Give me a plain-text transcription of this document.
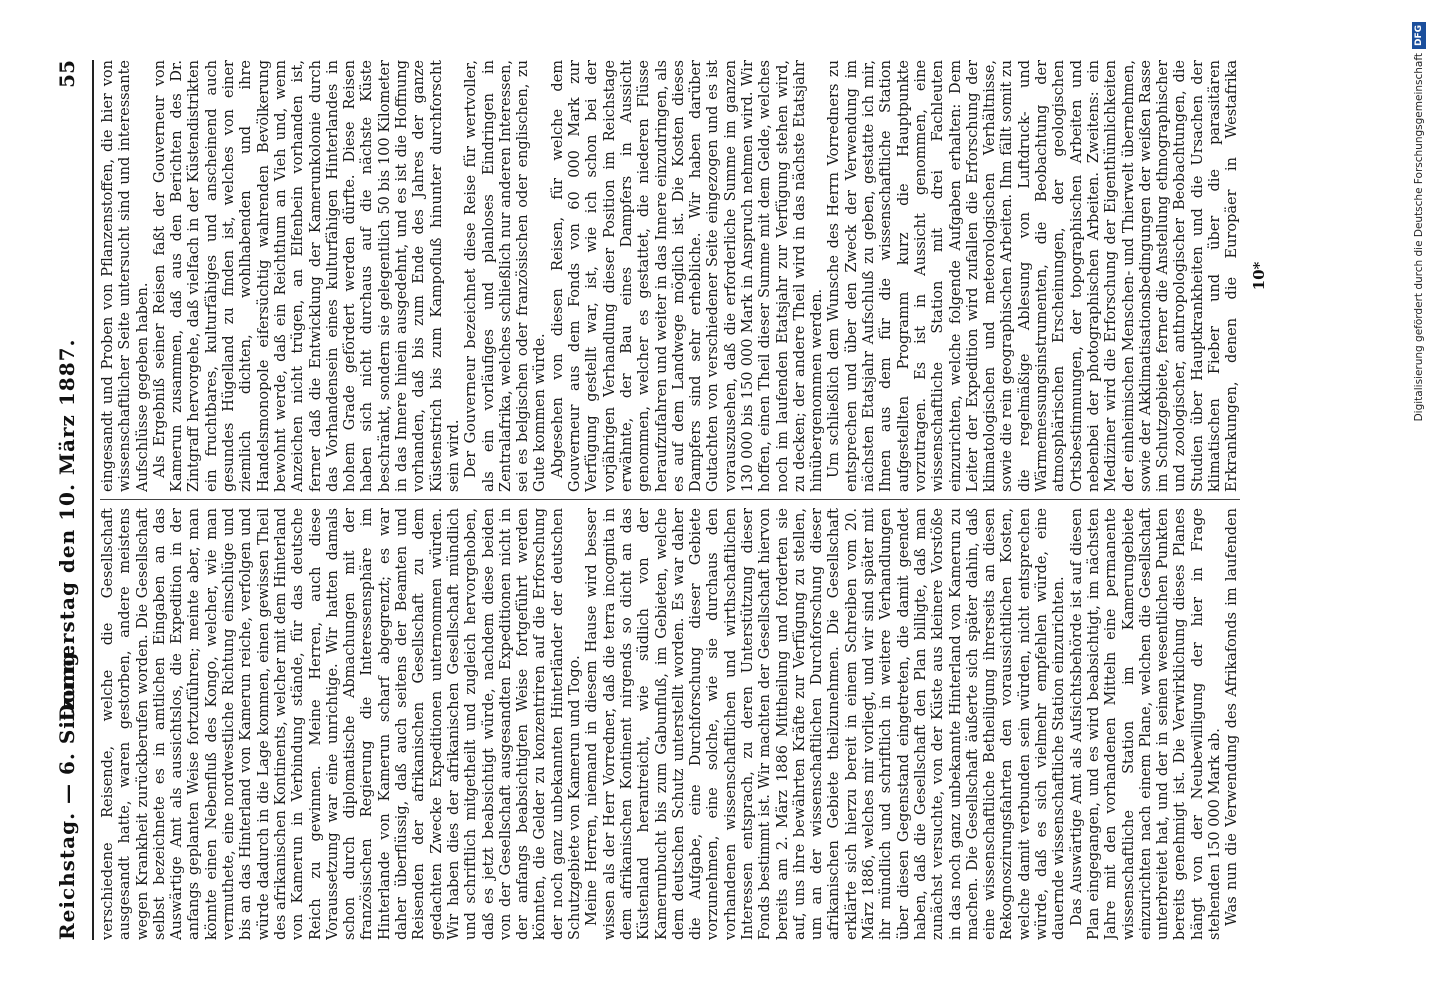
Reichstag. — 6. Sitzung.
Donnerstag den 10. März 1887.
55

verschiedene Reisende, welche die Gesellschaft ausgesandt hatte, waren gestorben, andere meistens wegen Krankheit zurückberufen worden. Die Gesellschaft selbst bezeichnete es in amtlichen Eingaben an das Auswärtige Amt als aussichtslos, die Expedition in der anfangs geplanten Weise fortzuführen; meinte aber, man könnte einen Nebenfluß des Kongo, welcher, wie man vermuthete, eine nordwestliche Richtung einschlüge und bis an das Hinterland von Kamerun reiche, verfolgen und würde dadurch in die Lage kommen, einen gewissen Theil des afrikanischen Kontinents, welcher mit dem Hinterland von Kamerun in Verbindung stände, für das deutsche Reich zu gewinnen. Meine Herren, auch diese Voraussetzung war eine unrichtige. Wir hatten damals schon durch diplomatische Abmachungen mit der französischen Regierung die Interessensphäre im Hinterlande von Kamerun scharf abgegrenzt; es war daher überflüssig, daß auch seitens der Beamten und Reisenden der afrikanischen Gesellschaft zu dem gedachten Zwecke Expeditionen unternommen würden. Wir haben dies der afrikanischen Gesellschaft mündlich und schriftlich mitgetheilt und zugleich hervorgehoben, daß es jetzt beabsichtigt würde, nachdem diese beiden von der Gesellschaft ausgesandten Expeditionen nicht in der anfangs beabsichtigten Weise fortgeführt werden könnten, die Gelder zu konzentriren auf die Erforschung der noch ganz unbekannten Hinterländer der deutschen Schutzgebiete von Kamerun und Togo. Meine Herren, niemand in diesem Hause wird besser wissen als der Herr Vorredner, daß die terra incognita in dem afrikanischen Kontinent nirgends so dicht an das Küstenland herantreicht, wie südlich von der Kamerunbucht bis zum Gabunfluß, im Gebieten, welche dem deutschen Schutz unterstellt worden. Es war daher die Aufgabe, eine Durchforschung dieser Gebiete vorzunehmen, eine solche, wie sie durchaus den vorhandenen wissenschaftlichen und wirthschaftlichen Interessen entsprach, zu deren Unterstützung dieser Fonds bestimmt ist. Wir machten der Gesellschaft hiervon bereits am 2. März 1886 Mittheilung und forderten sie auf, uns ihre bewährten Kräfte zur Verfügung zu stellen, um an der wissenschaftlichen Durchforschung dieser afrikanischen Gebiete theilzunehmen. Die Gesellschaft erklärte sich hierzu bereit in einem Schreiben vom 20. März 1886, welches mir vorliegt, und wir sind später mit ihr mündlich und schriftlich in weitere Verhandlungen über diesen Gegenstand eingetreten, die damit geendet haben, daß die Gesellschaft den Plan billigte, daß man zunächst versuchte, von der Küste aus kleinere Vorstöße in das noch ganz unbekannte Hinterland von Kamerun zu machen. Die Gesellschaft äußerte sich später dahin, daß eine wissenschaftliche Betheiligung ihrerseits an diesen Rekognoszirungsfahrten den voraussichtlichen Kosten, welche damit verbunden sein würden, nicht entsprechen würde, daß es sich vielmehr empfehlen würde, eine dauernde wissenschaftliche Station einzurichten. Das Auswärtige Amt als Aufsichtsbehörde ist auf diesen Plan eingegangen, und es wird beabsichtigt, im nächsten Jahre mit den vorhandenen Mitteln eine permanente wissenschaftliche Station im Kamerungebiete einzurichten nach einem Plane, welchen die Gesellschaft unterbreitet hat, und der in seinen wesentlichen Punkten bereits genehmigt ist. Die Verwirklichung dieses Planes hängt von der Neubewilligung der hier in Frage stehenden 150 000 Mark ab. Was nun die Verwendung des Afrikafonds im laufenden

eingesandt und Proben von Pflanzenstoffen, die hier von wissenschaftlicher Seite untersucht sind und interessante Aufschlüsse gegeben haben. Als Ergebniß seiner Reisen faßt der Gouverneur von Kamerun zusammen, daß aus den Berichten des Dr. Zintgraff hervorgehe, daß vielfach in der Küstendistrikten ein fruchtbares, kulturfähiges und anscheinend auch gesundes Hügelland zu finden ist, welches von einer ziemlich dichten, wohlhabenden und ihre Handelsmonopole eifersüchtig wahrenden Bevölkerung bewohnt werde, daß ein Reichthum an Vieh und, wenn Anzeichen nicht trügen, an Elfenbein vorhanden ist, ferner daß die Entwicklung der Kamerunkolonie durch das Vorhandensein eines kulturfähigen Hinterlandes in hohem Grade gefördert werden dürfte. Diese Reisen haben sich nicht durchaus auf die nächste Küste beschränkt, sondern sie gelegentlich 50 bis 100 Kilometer in das Innere hinein ausgedehnt, und es ist die Hoffnung vorhanden, daß bis zum Ende des Jahres der ganze Küstenstrich bis zum Kampofluß hinunter durchforscht sein wird. Der Gouverneur bezeichnet diese Reise für wertvoller, als ein vorläufiges und planloses Eindringen in Zentralafrika, welches schließlich nur anderen Interessen, sei es belgischen oder französischen oder englischen, zu Gute kommen würde. Abgesehen von diesen Reisen, für welche dem Gouverneur aus dem Fonds von 60 000 Mark zur Verfügung gestellt war, ist, wie ich schon bei der vorjährigen Verhandlung dieser Position im Reichstage erwähnte, der Bau eines Dampfers in Aussicht genommen, welcher es gestattet, die niederen Flüsse heraufzufahren und weiter in das Innere einzudringen, als es auf dem Landwege möglich ist. Die Kosten dieses Dampfers sind sehr erhebliche. Wir haben darüber Gutachten von verschiedener Seite eingezogen und es ist vorauszusehen, daß die erforderliche Summe im ganzen 130 000 bis 150 000 Mark in Anspruch nehmen wird. Wir hoffen, einen Theil dieser Summe mit dem Gelde, welches noch im laufenden Etatsjahr zur Verfügung stehen wird, zu decken; der andere Theil wird in das nächste Etatsjahr hinübergenommen werden. Um schließlich dem Wunsche des Herrn Vorredners zu entsprechen und über den Zweck der Verwendung im nächsten Etatsjahr Aufschluß zu geben, gestatte ich mir, Ihnen aus dem für die wissenschaftliche Station aufgestellten Programm kurz die Hauptpunkte vorzutragen. Es ist in Aussicht genommen, eine wissenschaftliche Station mit drei Fachleuten einzurichten, welche folgende Aufgaben erhalten: Dem Leiter der Expedition wird zufallen die Erforschung der klimatologischen und meteorologischen Verhältnisse, sowie die rein geographischen Arbeiten. Ihm fällt somit zu die regelmäßige Ablesung von Luftdruck- und Wärmemessungsinstrumenten, die Beobachtung der atmosphärischen Erscheinungen, der geologischen Ortsbestimmungen, der topographischen Arbeiten und nebenbei der photographischen Arbeiten. Zweitens: ein Mediziner wird die Erforschung der Eigenthümlichkeiten der einheimischen Menschen- und Thierwelt übernehmen, sowie der Akklimatisationsbedingungen der weißen Rasse im Schutzgebiete, ferner die Anstellung ethnographischer und zoologischer, anthropologischer Beobachtungen, die Studien über Hauptkrankheiten und die Ursachen der klimatischen Fieber und über die parasitären Erkrankungen, denen die Europäer in Westafrika

10*	Digitalisierung gefördert durch die Deutsche ForschungsgemeinschaftDFG
